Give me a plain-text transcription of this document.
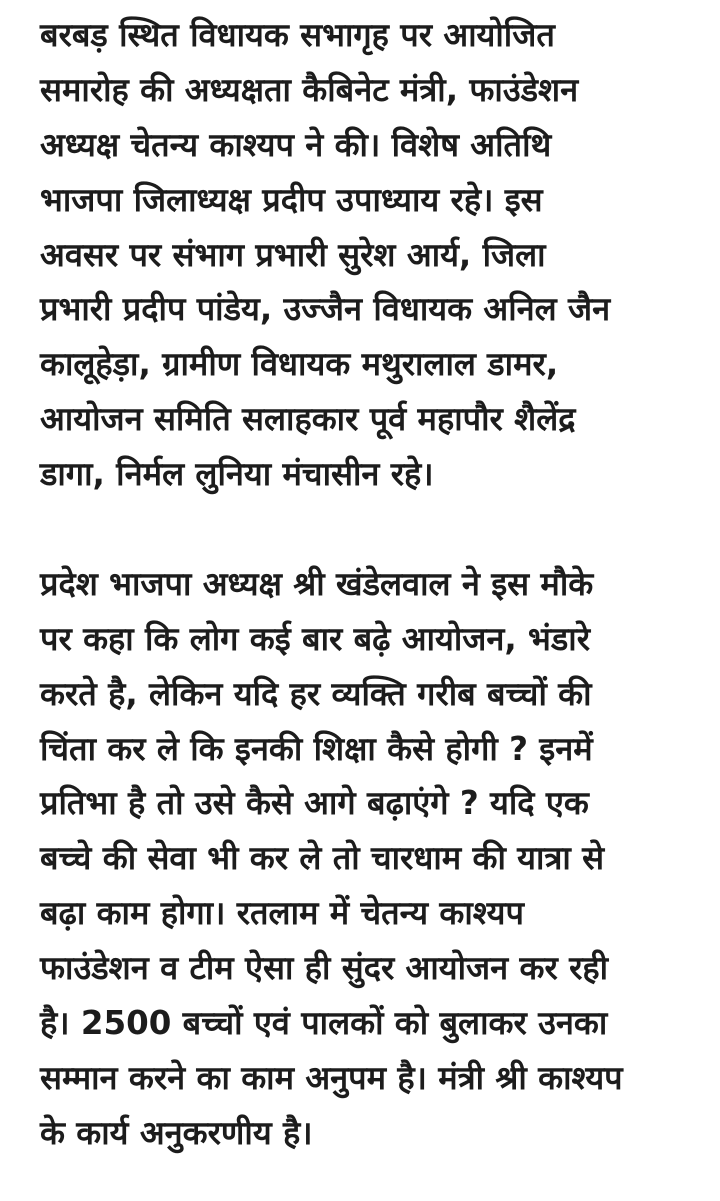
बरबड़ स्थित विधायक सभागृह पर आयोजित
समारोह की अध्यक्षता कैबिनेट मंत्री, फाउंडेशन
अध्यक्ष चेतन्य काश्यप ने की। विशेष अतिथि
भाजपा जिलाध्यक्ष प्रदीप उपाध्याय रहे। इस
अवसर पर संभाग प्रभारी सुरेश आर्य, जिला
प्रभारी प्रदीप पांडेय, उज्जैन विधायक अनिल जैन
कालूहेड़ा, ग्रामीण विधायक मथुरालाल डामर,
आयोजन समिति सलाहकार पूर्व महापौर शैलेंद्र
डागा, निर्मल लुनिया मंचासीन रहे।
प्रदेश भाजपा अध्यक्ष श्री खंडेलवाल ने इस मौके
पर कहा कि लोग कई बार बढ़े आयोजन, भंडारे
करते है, लेकिन यदि हर व्यक्ति गरीब बच्चों की
चिंता कर ले कि इनकी शिक्षा कैसे होगी ? इनमें
प्रतिभा है तो उसे कैसे आगे बढ़ाएंगे ? यदि एक
बच्चे की सेवा भी कर ले तो चारधाम की यात्रा से
बढ़ा काम होगा। रतलाम में चेतन्य काश्यप
फाउंडेशन व टीम ऐसा ही सुंदर आयोजन कर रही
है। 2500 बच्चों एवं पालकों को बुलाकर उनका
सम्मान करने का काम अनुपम है। मंत्री श्री काश्यप
के कार्य अनुकरणीय है।
